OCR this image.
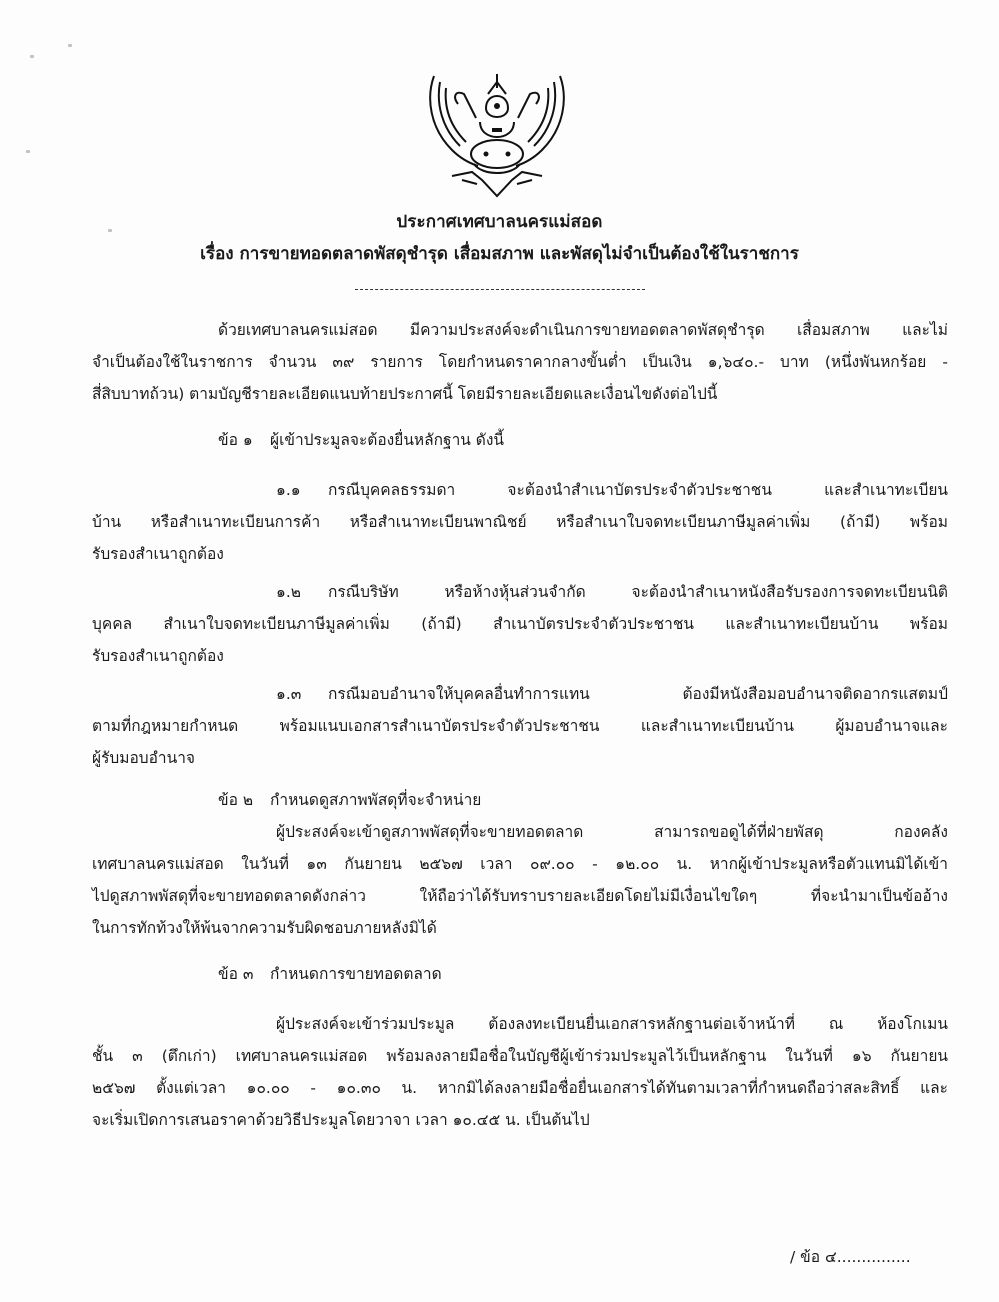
ประกาศเทศบาลนครแม่สอด
เรื่อง การขายทอดตลาดพัสดุชำรุด เสื่อมสภาพ และพัสดุไม่จำเป็นต้องใช้ในราชการ
ด้วยเทศบาลนครแม่สอด มีความประสงค์จะดำเนินการขายทอดตลาดพัสดุชำรุด เสื่อมสภาพ และไม่
จำเป็นต้องใช้ในราชการ จำนวน ๓๙ รายการ โดยกำหนดราคากลางขั้นต่ำ เป็นเงิน ๑,๖๔๐.- บาท (หนึ่งพันหกร้อย -
สี่สิบบาทถ้วน) ตามบัญชีรายละเอียดแนบท้ายประกาศนี้ โดยมีรายละเอียดและเงื่อนไขดังต่อไปนี้
ข้อ ๑ ผู้เข้าประมูลจะต้องยื่นหลักฐาน ดังนี้
๑.๑ กรณีบุคคลธรรมดา จะต้องนำสำเนาบัตรประจำตัวประชาชน และสำเนาทะเบียน
บ้าน หรือสำเนาทะเบียนการค้า หรือสำเนาทะเบียนพาณิชย์ หรือสำเนาใบจดทะเบียนภาษีมูลค่าเพิ่ม (ถ้ามี) พร้อม
รับรองสำเนาถูกต้อง
๑.๒ กรณีบริษัท หรือห้างหุ้นส่วนจำกัด จะต้องนำสำเนาหนังสือรับรองการจดทะเบียนนิติ
บุคคล สำเนาใบจดทะเบียนภาษีมูลค่าเพิ่ม (ถ้ามี) สำเนาบัตรประจำตัวประชาชน และสำเนาทะเบียนบ้าน พร้อม
รับรองสำเนาถูกต้อง
๑.๓ กรณีมอบอำนาจให้บุคคลอื่นทำการแทน ต้องมีหนังสือมอบอำนาจติดอากรแสตมป์
ตามที่กฎหมายกำหนด พร้อมแนบเอกสารสำเนาบัตรประจำตัวประชาชน และสำเนาทะเบียนบ้าน ผู้มอบอำนาจและ
ผู้รับมอบอำนาจ
ข้อ ๒ กำหนดดูสภาพพัสดุที่จะจำหน่าย
ผู้ประสงค์จะเข้าดูสภาพพัสดุที่จะขายทอดตลาด สามารถขอดูได้ที่ฝ่ายพัสดุ กองคลัง
เทศบาลนครแม่สอด ในวันที่ ๑๓ กันยายน ๒๕๖๗ เวลา ๐๙.๐๐ - ๑๒.๐๐ น. หากผู้เข้าประมูลหรือตัวแทนมิได้เข้า
ไปดูสภาพพัสดุที่จะขายทอดตลาดดังกล่าว ให้ถือว่าได้รับทราบรายละเอียดโดยไม่มีเงื่อนไขใดๆ ที่จะนำมาเป็นข้ออ้าง
ในการทักท้วงให้พ้นจากความรับผิดชอบภายหลังมิได้
ข้อ ๓ กำหนดการขายทอดตลาด
ผู้ประสงค์จะเข้าร่วมประมูล ต้องลงทะเบียนยื่นเอกสารหลักฐานต่อเจ้าหน้าที่ ณ ห้องโกเมน
ชั้น ๓ (ตึกเก่า) เทศบาลนครแม่สอด พร้อมลงลายมือชื่อในบัญชีผู้เข้าร่วมประมูลไว้เป็นหลักฐาน ในวันที่ ๑๖ กันยายน
๒๕๖๗ ตั้งแต่เวลา ๑๐.๐๐ - ๑๐.๓๐ น. หากมิได้ลงลายมือชื่อยื่นเอกสารได้ทันตามเวลาที่กำหนดถือว่าสละสิทธิ์ และ
จะเริ่มเปิดการเสนอราคาด้วยวิธีประมูลโดยวาจา เวลา ๑๐.๔๕ น. เป็นต้นไป
/ ข้อ ๔...............
